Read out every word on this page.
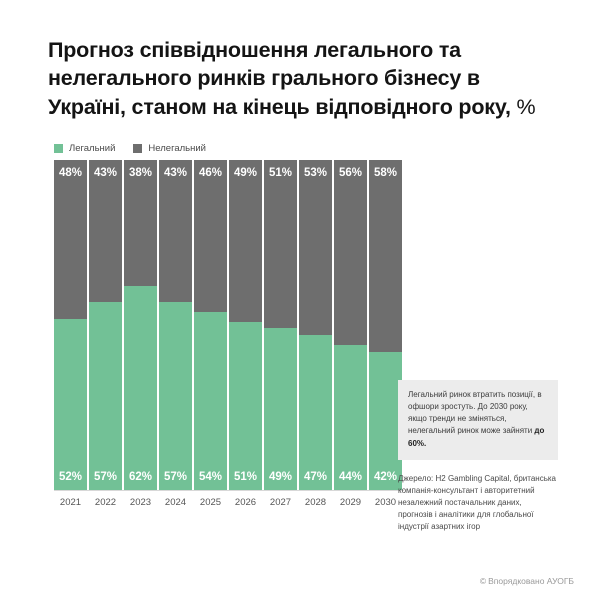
Прогноз співвідношення легального та нелегального ринків грального бізнесу в Україні, станом на кінець відповідного року, %
Легальний	Нелегальний
48%
52%
43%
57%
38%
62%
43%
57%
46%
54%
49%
51%
51%
49%
53%
47%
56%
44%
58%
42%
2021	2022	2023	2024	2025	2026	2027	2028	2029	2030
Легальний ринок втратить позиції, в офшори зростуть. До 2030 року, якщо тренди не зміняться, нелегальний ринок може зайняти до 60%.
Джерело: H2 Gambling Capital, британська компанія-консультант і авторитетний незалежний постачальник даних, прогнозів і аналітики для глобальної індустрії азартних ігор
© Впорядковано АУОГБ
